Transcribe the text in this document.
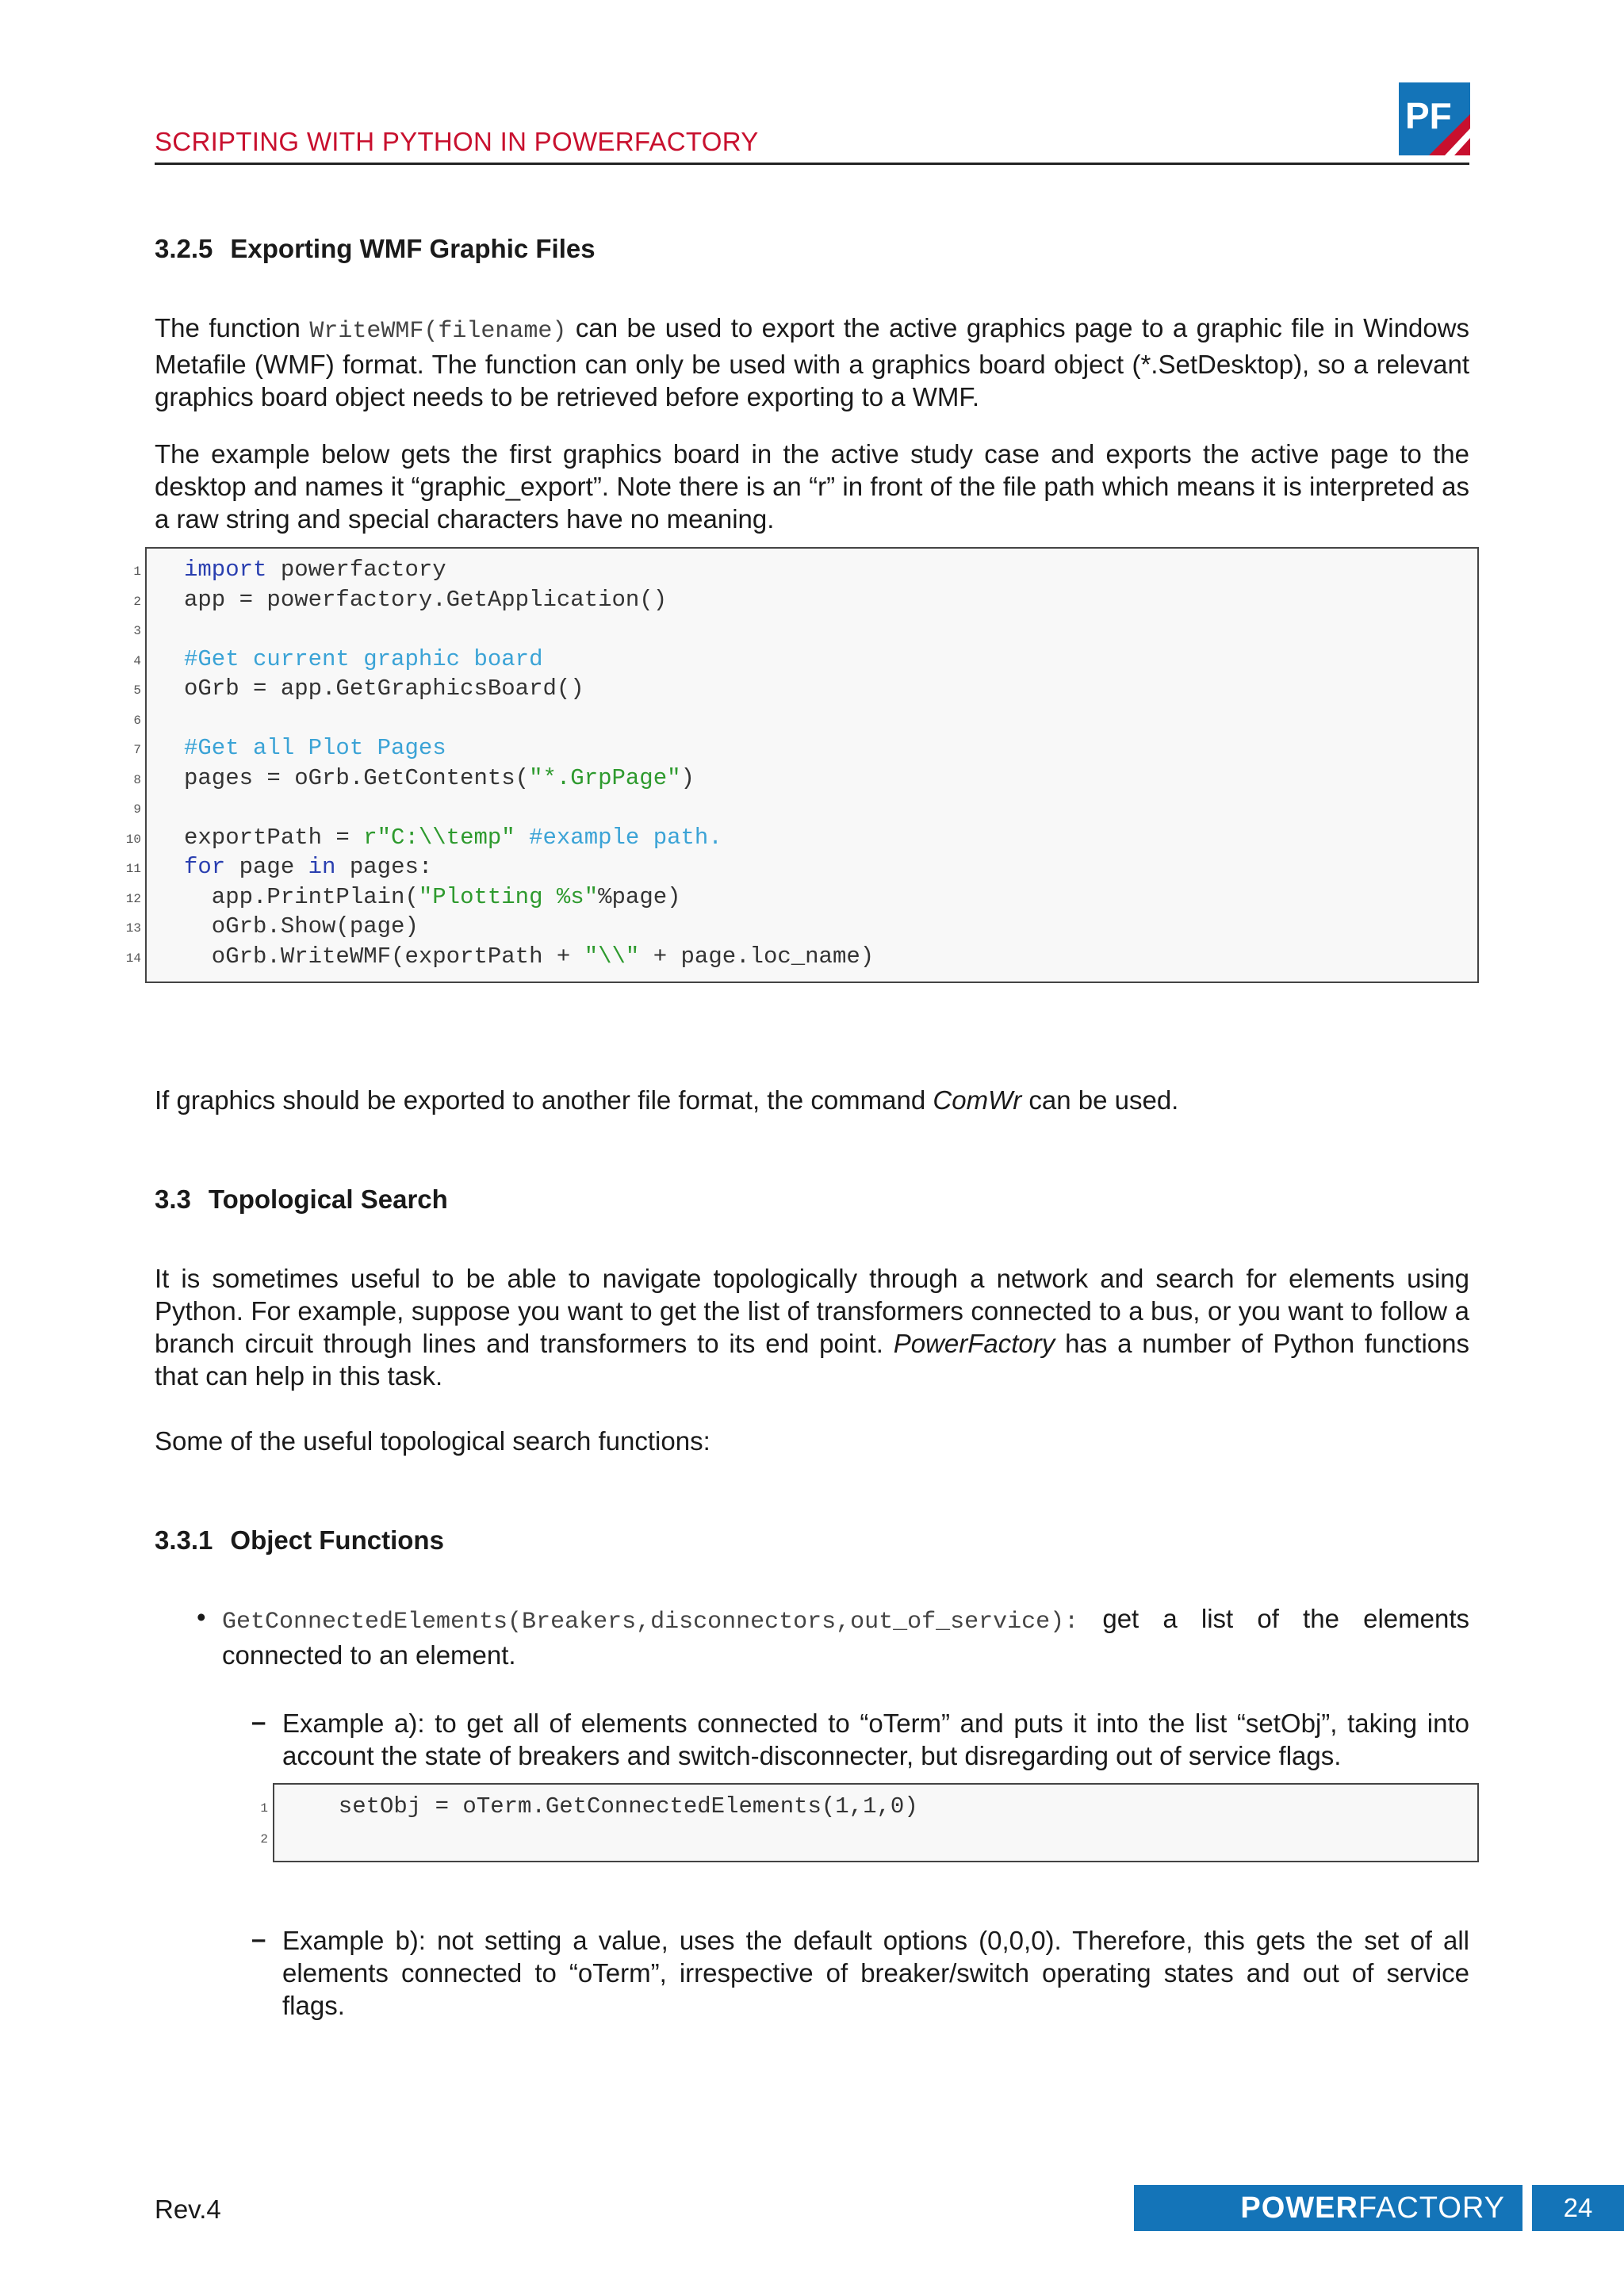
SCRIPTING WITH PYTHON IN POWERFACTORY
PF
3.2.5 Exporting WMF Graphic Files
The function WriteWMF(filename) can be used to export the active graphics page to a graphic file in Windows Metafile (WMF) format. The function can only be used with a graphics board object (*.SetDesktop), so a relevant graphics board object needs to be retrieved before exporting to a WMF.
The example below gets the first graphics board in the active study case and exports the active page to the desktop and names it “graphic_export”. Note there is an “r” in front of the file path which means it is interpreted as a raw string and special characters have no meaning.
1
2
3
4
5
6
7
8
9
10
11
12
13
14
import powerfactory
app = powerfactory.GetApplication()
#Get current graphic board
oGrb = app.GetGraphicsBoard()
#Get all Plot Pages
pages = oGrb.GetContents("*.GrpPage")
exportPath = r"C:\\temp" #example path.
for page in pages:
app.PrintPlain("Plotting %s"%page)
oGrb.Show(page)
oGrb.WriteWMF(exportPath + "\\" + page.loc_name)
If graphics should be exported to another file format, the command ComWr can be used.
3.3 Topological Search
It is sometimes useful to be able to navigate topologically through a network and search for elements using Python. For example, suppose you want to get the list of transformers connected to a bus, or you want to follow a branch circuit through lines and transformers to its end point. PowerFactory has a number of Python functions that can help in this task.
Some of the useful topological search functions:
3.3.1 Object Functions
• GetConnectedElements(Breakers,disconnectors,out_of_service): get a list of the elements connected to an element.
– Example a): to get all of elements connected to “oTerm” and puts it into the list “setObj”, taking into account the state of breakers and switch-disconnecter, but disregarding out of service flags.
1
2
setObj = oTerm.GetConnectedElements(1,1,0)
– Example b): not setting a value, uses the default options (0,0,0). Therefore, this gets the set of all elements connected to “oTerm”, irrespective of breaker/switch operating states and out of service flags.
Rev.4	POWERFACTORY	24
